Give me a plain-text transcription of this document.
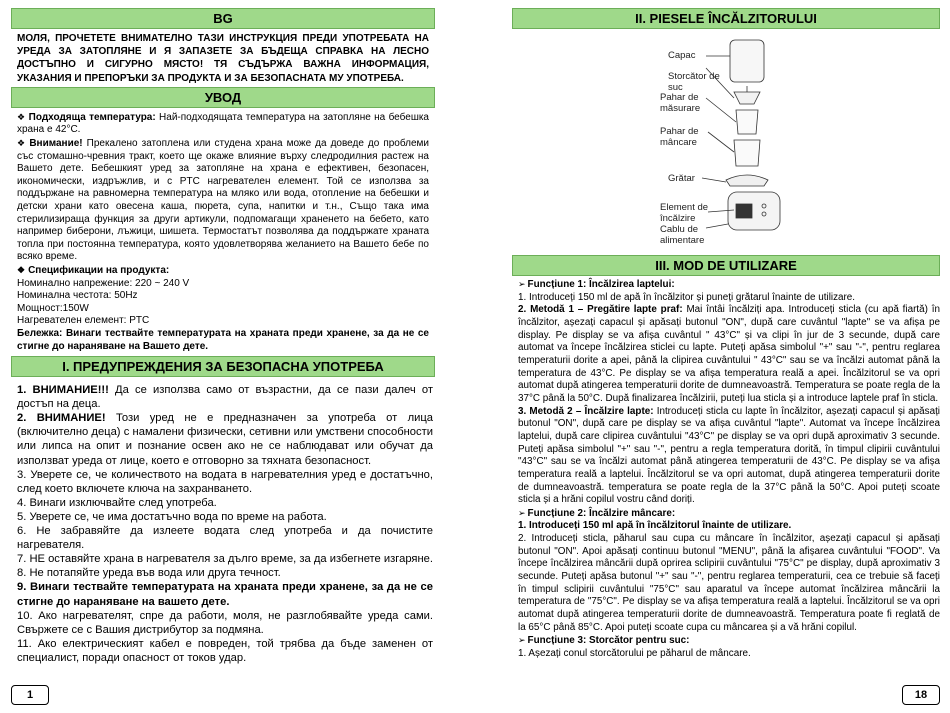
BG
МОЛЯ, ПРОЧЕТЕТЕ ВНИМАТЕЛНО ТАЗИ ИНСТРУКЦИЯ ПРЕДИ УПОТРЕБАТА НА УРЕДА ЗА ЗАТОПЛЯНЕ И Я ЗАПАЗЕТЕ ЗА БЪДЕЩА СПРАВКА НА ЛЕСНО ДОСТЪПНО И СИГУРНО МЯСТО! ТЯ СЪДЪРЖА ВАЖНА ИНФОРМАЦИЯ, УКАЗАНИЯ И ПРЕПОРЪКИ ЗА ПРОДУКТА И ЗА БЕЗОПАСНАТА МУ УПОТРЕБА.
УВОД
❖ Подходяща температура: Най-подходящата температура на затопляне на бебешка храна е 42°C.
❖ Внимание! Прекалено затоплена или студена храна може да доведе до проблеми със стомашно-чревния тракт, което ще окаже влияние върху следродилния растеж на Вашето дете. Бебешкият уред за затопляне на храна е ефективен, безопасен, икономически, издръжлив, и с PTC нагревателен елемент. Той се използва за поддържане на равномерна температура на мляко или вода, отопление на бебешки и детски храни като овесена каша, пюрета, супа, напитки и т.н., Също така има стерилизираща функция за други артикули, подпомагащи храненето на бебето, като например биберони, лъжици, шишета. Термостатът позволява да поддържате храната топла при постоянна температура, която удовлетворява желанието на Вашето бебе по всяко време.
❖ Спецификации на продукта:
Номинално напрежение: 220 ~ 240 V
Номинална честота: 50Hz
Мощност:150W
Нагревателен елемент: PTC
Бележка: Винаги тествайте температурата на храната преди хранене, за да не се стигне до нараняване на Вашето дете.
I. ПРЕДУПРЕЖДЕНИЯ ЗА БЕЗОПАСНА УПОТРЕБА
1. ВНИМАНИЕ!!! Да се използва само от възрастни, да се пази далеч от достъп на деца.
2. ВНИМАНИЕ! Този уред не е предназначен за употреба от лица (включително деца) с намалени физически, сетивни или умствени способности или липса на опит и познание освен ако не се наблюдават или обучат да използват уреда от лице, което е отговорно за тяхната безопасност.
3. Уверете се, че количеството на водата в нагревателния уред е достатъчно, след което включете ключа на захранването.
4. Винаги изключвайте след употреба.
5. Уверете се, че има достатъчно вода по време на работа.
6. Не забравяйте да излеете водата след употреба и да почистите нагревателя.
7. НЕ оставяйте храна в нагревателя за дълго време, за да избегнете изгаряне.
8. Не потапяйте уреда във вода или друга течност.
9. Винаги тествайте температурата на храната преди хранене, за да не се стигне до нараняване на вашето дете.
10. Ако нагревателят, спре да работи, моля, не разглобявайте уреда сами. Свържете се с Вашия дистрибутор за подмяна.
11. Ако електрическият кабел е повреден, той трябва да бъде заменен от специалист, поради опасност от токов удар.
1
II. PIESELE ÎNCĂLZITORULUI
Capac
Storcător de suc
Pahar de măsurare
Pahar de mâncare
Grătar
Element de încălzire
Cablu de alimentare
III. MOD DE UTILIZARE
➢ Funcțiune 1: Încălzirea laptelui:
1. Introduceți 150 ml de apă în încălzitor și puneți grătarul înainte de utilizare.
2. Metodă 1 – Pregătire lapte praf: Mai întâi încălziți apa. Introduceți sticla (cu apă fiartă) în încălzitor, așezați capacul și apăsați butonul "ON", după care cuvântul "lapte" se va afișa pe display. Pe display se va afișa cuvântul " 43°C" și va clipi în jur de 3 secunde, după care automat va începe încălzirea sticlei cu lapte. Puteți apăsa simbolul "+" sau "-", pentru reglarea temperaturii dorite a apei, până la clipirea cuvântului " 43°C" sau se va încălzi automat până la temperatura de 43°C. Pe display se va afișa temperatura reală a apei. Încălzitorul se va opri automat după atingerea temperaturii dorite de dumneavoastră. Temperatura se poate regla de la 37°C până la 50°C. După finalizarea încălzirii, puteți lua sticla și a introduce laptele praf în sticla.
3. Metodă 2 – Încălzire lapte: Introduceți sticla cu lapte în încălzitor, așezați capacul și apăsați butonul "ON", după care pe display se va afișa cuvântul "lapte". Automat va începe încălzirea laptelui, după care clipirea cuvântului "43°C" pe display se va opri după aproximativ 3 secunde. Puteți apăsa simbolul "+" sau "-", pentru a regla temperatura dorită, în timpul clipirii cuvântului "43°C" sau se va încălzi automat până atingerea temperaturii de 43°C. Pe display se va afișa temperatura reală a laptelui. Încălzitorul se va opri automat, după atingerea temperaturii dorite de dumneavoastră. temperatura se poate regla de la 37°C până la 50°C. Apoi puteți scoate sticla și a hrăni copilul vostru când doriți.
➢ Funcțiune 2: Încălzire mâncare:
1. Introduceți 150 ml apă în încălzitorul înainte de utilizare.
2. Introduceți sticla, păharul sau cupa cu mâncare în încălzitor, așezați capacul și apăsați butonul "ON". Apoi apăsați continuu butonul "MENU", până la afișarea cuvântului "FOOD". Va începe încălzirea mâncării după oprirea sclipirii cuvântului "75°C" pe display, după aproximativ 3 secunde. Puteți apăsa butonul "+" sau "-", pentru reglarea temperaturii, cea ce trebuie să faceți în timpul sclipirii cuvântului "75°C" sau aparatul va începe automat încălzirea mâncării la temperatura de "75°C". Pe display se va afișa temperatura reală a laptelui. Încălzitorul se va opri automat după atingerea temperaturii dorite de dumneavoastră. Temperatura poate fi reglată de la 65°C până 85°C. Apoi puteți scoate cupa cu mâncarea și a vă hrăni copilul.
➢ Funcțiune 3: Storcător pentru suc:
1. Așezați conul storcătorului pe păharul de mâncare.
18
